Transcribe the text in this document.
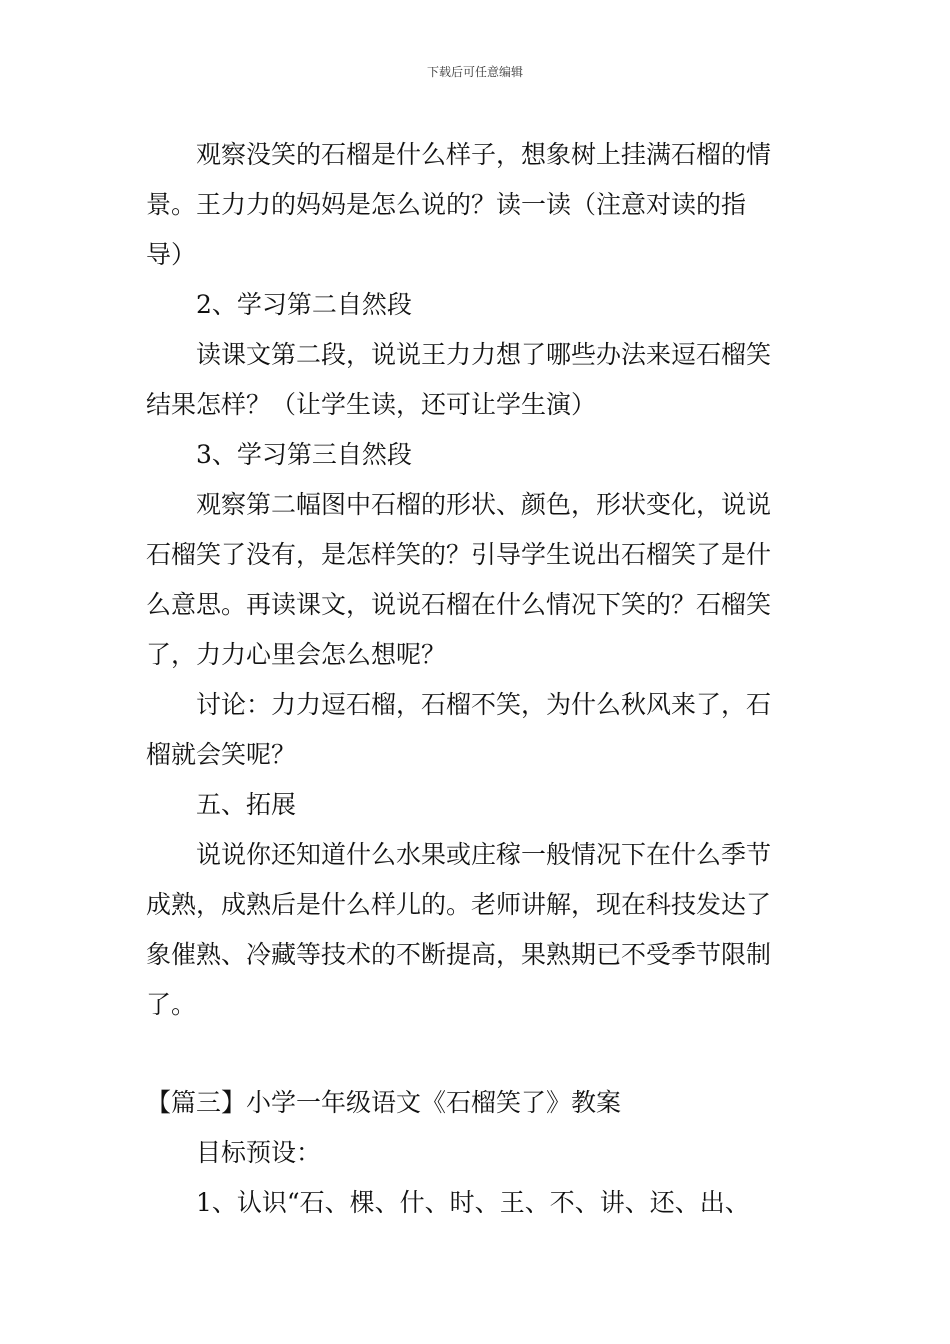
下载后可任意编辑
观察没笑的石榴是什么样子，想象树上挂满石榴的情
景。王力力的妈妈是怎么说的？读一读（注意对读的指
导）
2、学习第二自然段
读课文第二段，说说王力力想了哪些办法来逗石榴笑
结果怎样？（让学生读，还可让学生演）
3、学习第三自然段
观察第二幅图中石榴的形状、颜色，形状变化，说说
石榴笑了没有，是怎样笑的？引导学生说出石榴笑了是什
么意思。再读课文，说说石榴在什么情况下笑的？石榴笑
了，力力心里会怎么想呢？
讨论：力力逗石榴，石榴不笑，为什么秋风来了，石
榴就会笑呢？
五、拓展
说说你还知道什么水果或庄稼一般情况下在什么季节
成熟，成熟后是什么样儿的。老师讲解，现在科技发达了
象催熟、冷藏等技术的不断提高，果熟期已不受季节限制
了。
【篇三】小学一年级语文《石榴笑了》教案
目标预设：
1、认识“石、棵、什、时、王、不、讲、还、出、
